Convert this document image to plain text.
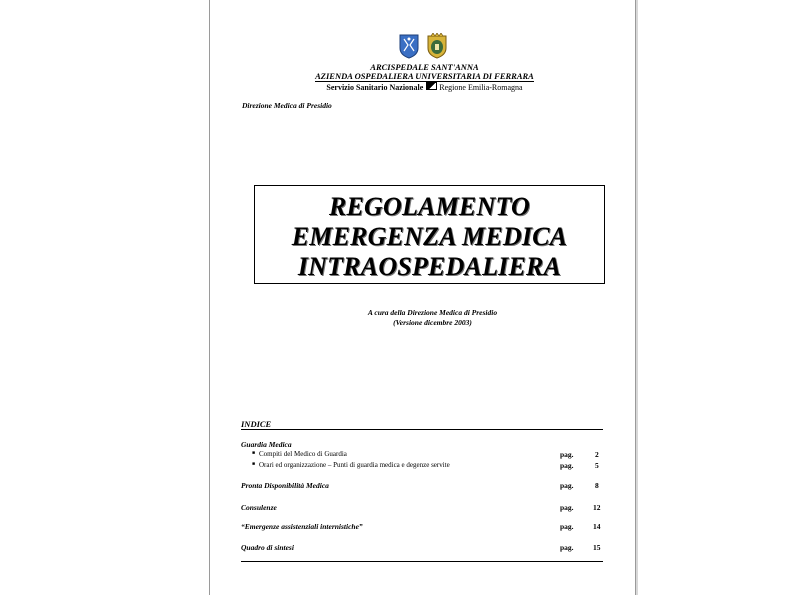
ARCISPEDALE SANT'ANNA
AZIENDA OSPEDALIERA UNIVERSITARIA DI FERRARA
Servizio Sanitario Nazionale Regione Emilia-Romagna
Direzione Medica di Presidio
REGOLAMENTO
EMERGENZA MEDICA
INTRAOSPEDALIERA
A cura della Direzione Medica di Presidio
(Versione dicembre 2003)
INDICE
Guardia Medica
■ Compiti del Medico di Guardia	pag.	2
■ Orari ed organizzazione – Punti di guardia medica e degenze servite	pag.	5
Pronta Disponibilità Medica	pag.	8
Consulenze	pag.	12
“Emergenze assistenziali internistiche”	pag.	14
Quadro di sintesi	pag.	15
